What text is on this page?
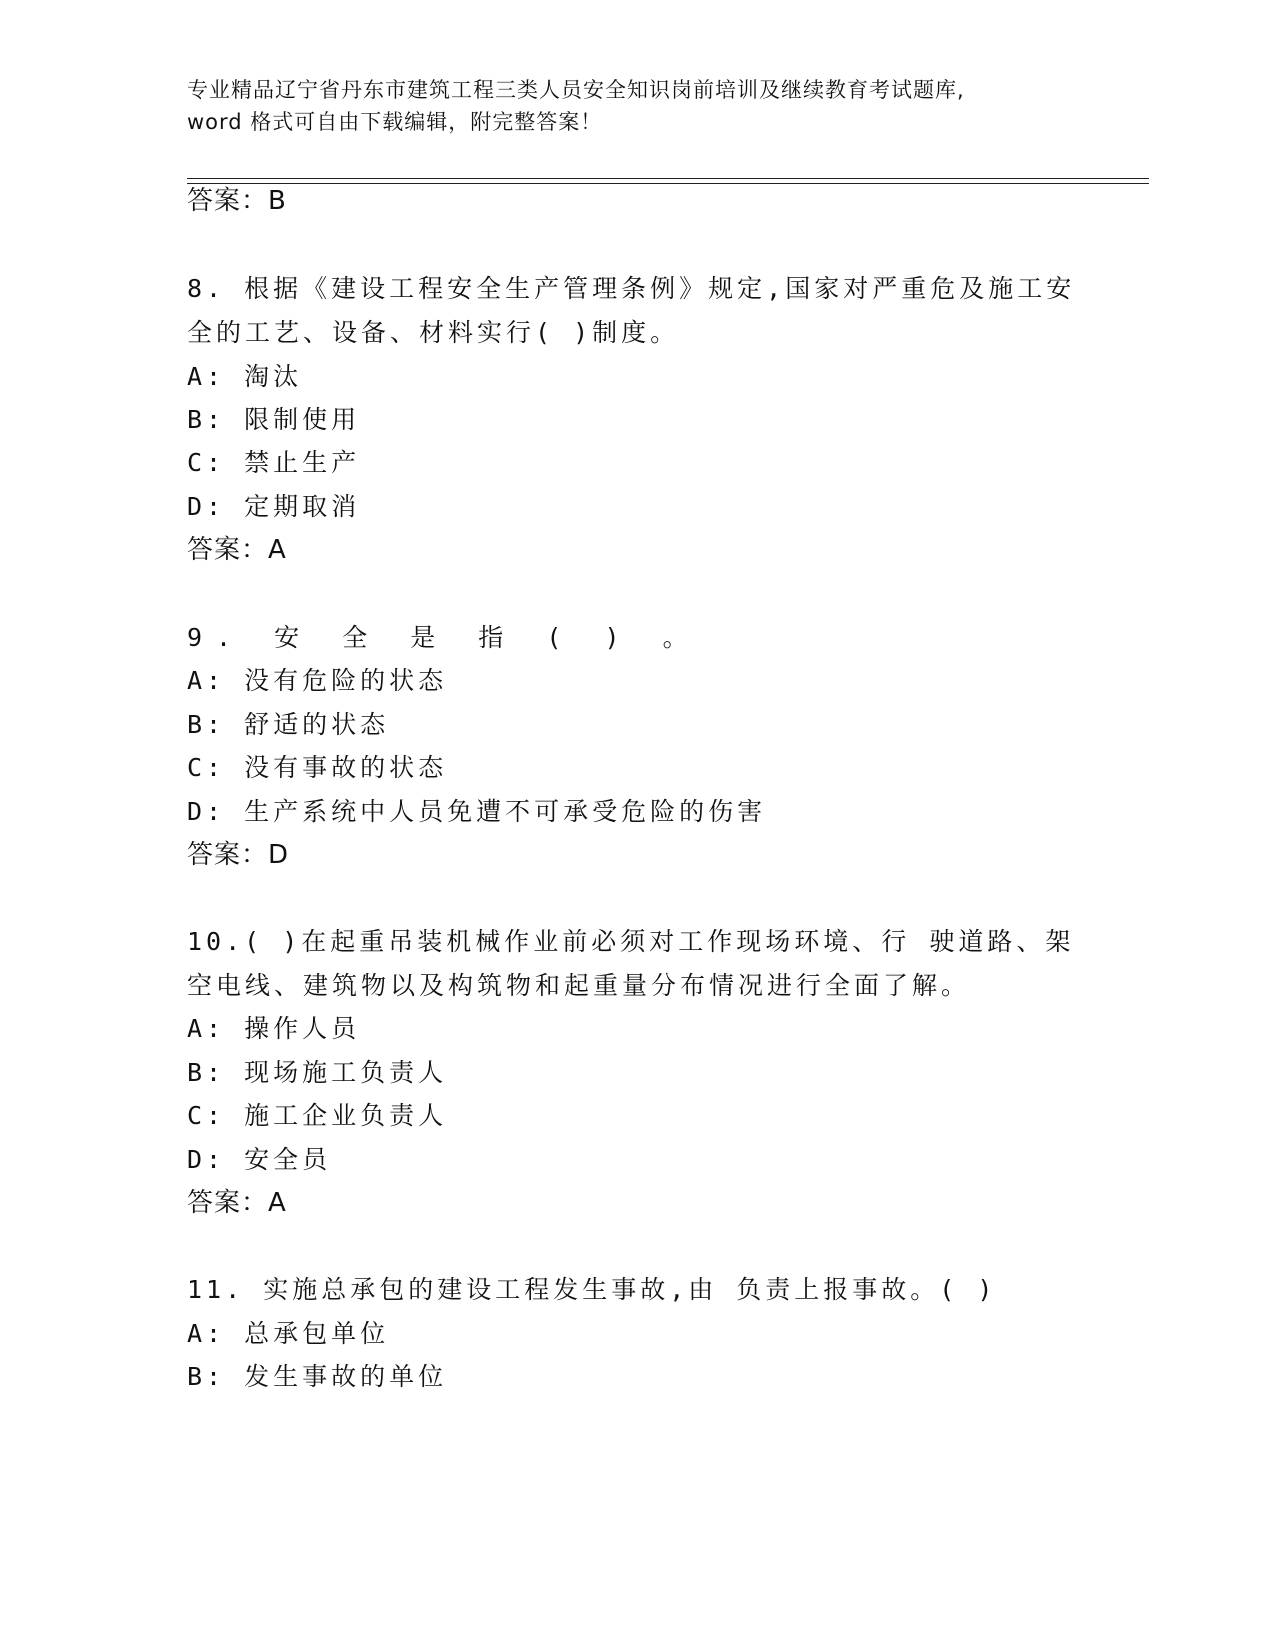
专业精品辽宁省丹东市建筑工程三类人员安全知识岗前培训及继续教育考试题库,
word 格式可自由下载编辑，附完整答案！
答案：B
8. 根据《建设工程安全生产管理条例》规定,国家对严重危及施工安
全的工艺、设备、材料实行( )制度。
A: 淘汰
B: 限制使用
C: 禁止生产
D: 定期取消
答案：A
9. 安 全 是 指 ( ) 。
A: 没有危险的状态
B: 舒适的状态
C: 没有事故的状态
D: 生产系统中人员免遭不可承受危险的伤害
答案：D
10.( )在起重吊装机械作业前必须对工作现场环境、行 驶道路、架
空电线、建筑物以及构筑物和起重量分布情况进行全面了解。
A: 操作人员
B: 现场施工负责人
C: 施工企业负责人
D: 安全员
答案：A
11. 实施总承包的建设工程发生事故,由 负责上报事故。( )
A: 总承包单位
B: 发生事故的单位
